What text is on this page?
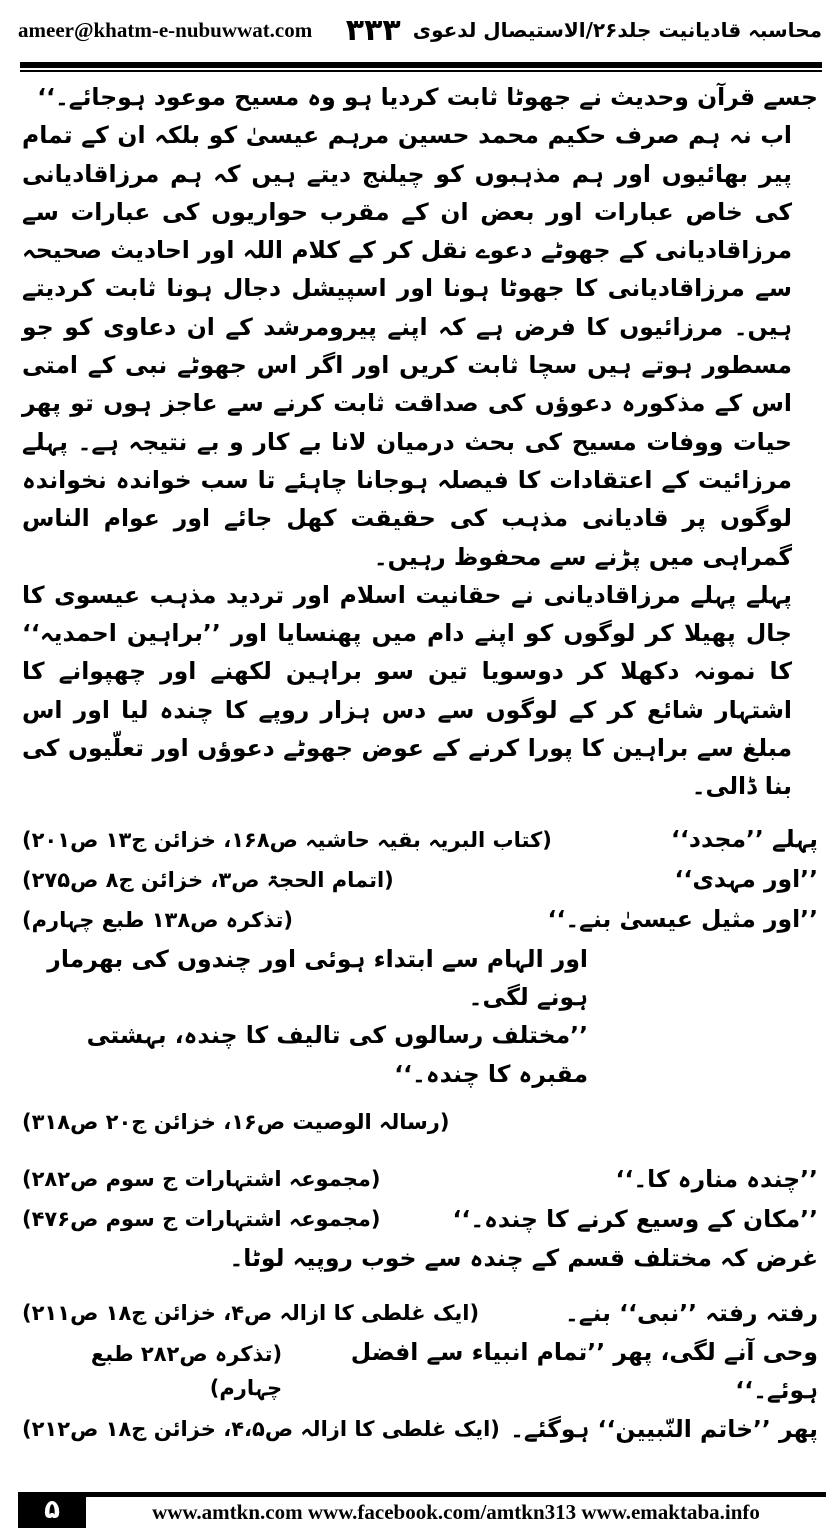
ameer@khatm-e-nubuwwat.com	محاسبہ قادیانیت جلد۲۶/الاستیصال لدعوی
۳۳۳

جسے قرآن وحدیث نے جھوٹا ثابت کردیا ہو وہ مسیح موعود ہوجائے۔‘‘

اب نہ ہم صرف حکیم محمد حسین مرہم عیسیٰ کو بلکہ ان کے تمام پیر بھائیوں اور ہم مذہبوں کو چیلنج دیتے ہیں کہ ہم مرزاقادیانی کی خاص عبارات اور بعض ان کے مقرب حواریوں کی عبارات سے مرزاقادیانی کے جھوٹے دعوے نقل کر کے کلام اللہ اور احادیث صحیحہ سے مرزاقادیانی کا جھوٹا ہونا اور اسپیشل دجال ہونا ثابت کردیتے ہیں۔ مرزائیوں کا فرض ہے کہ اپنے پیرومرشد کے ان دعاوی کو جو مسطور ہوتے ہیں سچا ثابت کریں اور اگر اس جھوٹے نبی کے امتی اس کے مذکورہ دعوؤں کی صداقت ثابت کرنے سے عاجز ہوں تو پھر حیات ووفات مسیح کی بحث درمیان لانا بے کار و بے نتیجہ ہے۔ پہلے مرزائیت کے اعتقادات کا فیصلہ ہوجانا چاہئے تا سب خواندہ نخواندہ لوگوں پر قادیانی مذہب کی حقیقت کھل جائے اور عوام الناس گمراہی میں پڑنے سے محفوظ رہیں۔

پہلے پہلے مرزاقادیانی نے حقانیت اسلام اور تردید مذہب عیسوی کا جال پھیلا کر لوگوں کو اپنے دام میں پھنسایا اور ’’براہین احمدیہ‘‘ کا نمونہ دکھلا کر دوسویا تین سو براہین لکھنے اور چھپوانے کا اشتہار شائع کر کے لوگوں سے دس ہزار روپے کا چندہ لیا اور اس مبلغ سے براہین کا پورا کرنے کے عوض جھوٹے دعوؤں اور تعلّیوں کی بنا ڈالی۔

پہلے ’’مجدد‘‘
(کتاب البریہ بقیہ حاشیہ ص۱۶۸، خزائن ج۱۳ ص۲۰۱)
’’اور مہدی‘‘
(اتمام الحجۃ ص۳، خزائن ج۸ ص۲۷۵)
’’اور مثیل عیسیٰ بنے۔‘‘
(تذکرہ ص۱۳۸ طبع چہارم)

اور الہام سے ابتداء ہوئی اور چندوں کی بھرمار ہونے لگی۔

’’مختلف رسالوں کی تالیف کا چندہ، بہشتی مقبرہ کا چندہ۔‘‘

(رسالہ الوصیت ص۱۶، خزائن ج۲۰ ص۳۱۸)
’’چندہ منارہ کا۔‘‘
(مجموعہ اشتہارات ج سوم ص۲۸۲)
’’مکان کے وسیع کرنے کا چندہ۔‘‘
(مجموعہ اشتہارات ج سوم ص۴۷۶)

غرض کہ مختلف قسم کے چندہ سے خوب روپیہ لوٹا۔

رفتہ رفتہ ’’نبی‘‘ بنے۔
(ایک غلطی کا ازالہ ص۴، خزائن ج۱۸ ص۲۱۱)
وحی آنے لگی، پھر ’’تمام انبیاء سے افضل ہوئے۔‘‘
(تذکرہ ص۲۸۲ طبع چہارم)
پھر ’’خاتم النّبیین‘‘ ہوگئے۔
(ایک غلطی کا ازالہ ص۴،۵، خزائن ج۱۸ ص۲۱۲)
۵	www.amtkn.com www.facebook.com/amtkn313 www.emaktaba.info
